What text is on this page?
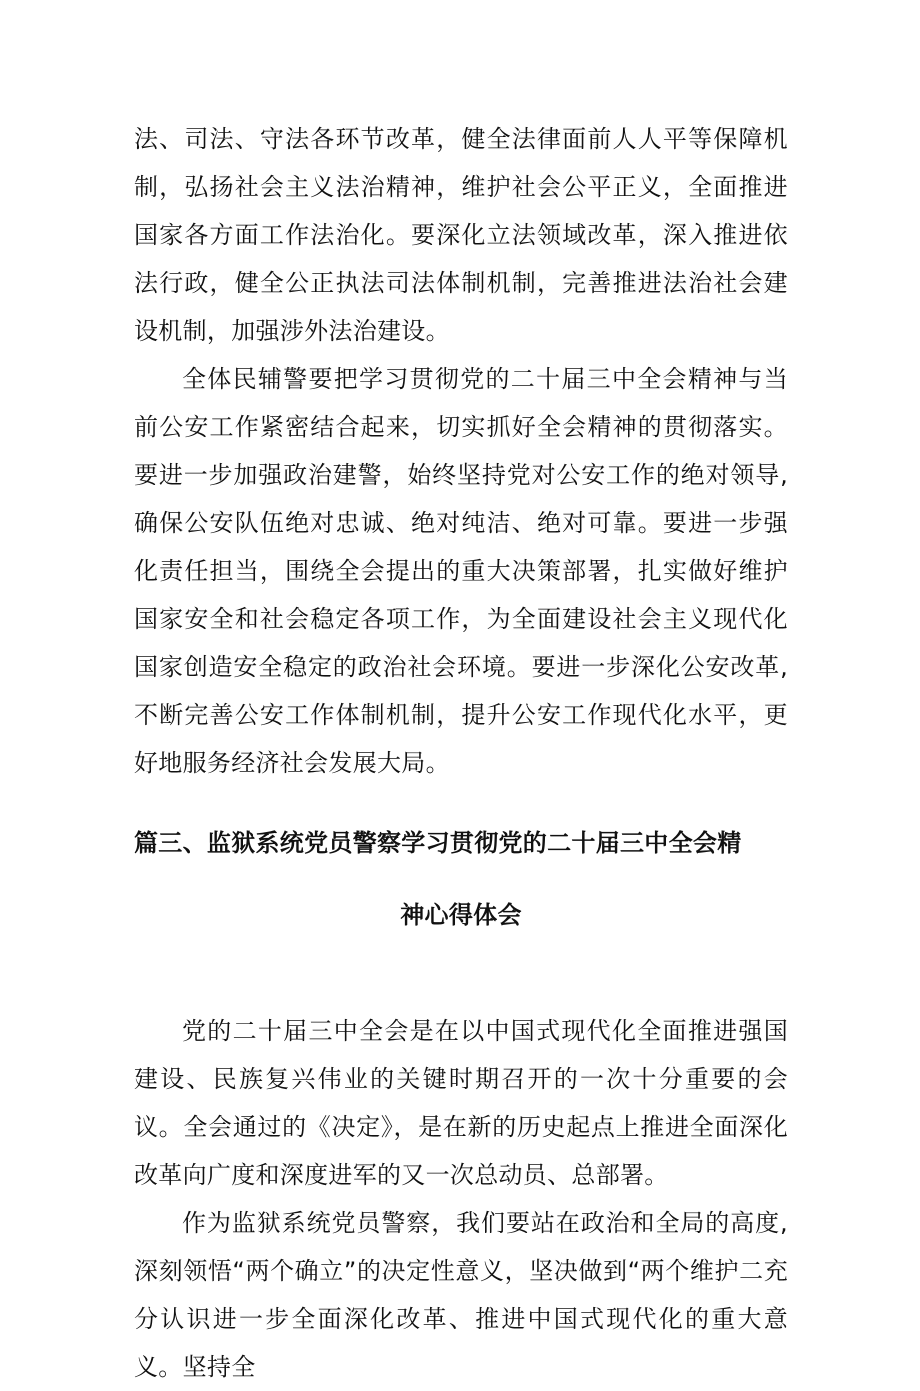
法、司法、守法各环节改革，健全法律面前人人平等保障机制，弘扬社会主义法治精神，维护社会公平正义，全面推进国家各方面工作法治化。要深化立法领域改革，深入推进依法行政，健全公正执法司法体制机制，完善推进法治社会建设机制，加强涉外法治建设。

全体民辅警要把学习贯彻党的二十届三中全会精神与当前公安工作紧密结合起来，切实抓好全会精神的贯彻落实。要进一步加强政治建警，始终坚持党对公安工作的绝对领导,确保公安队伍绝对忠诚、绝对纯洁、绝对可靠。要进一步强化责任担当，围绕全会提出的重大决策部署，扎实做好维护国家安全和社会稳定各项工作，为全面建设社会主义现代化国家创造安全稳定的政治社会环境。要进一步深化公安改革,不断完善公安工作体制机制，提升公安工作现代化水平，更好地服务经济社会发展大局。

篇三、监狱系统党员警察学习贯彻党的二十届三中全会精
神心得体会

党的二十届三中全会是在以中国式现代化全面推进强国建设、民族复兴伟业的关键时期召开的一次十分重要的会议。全会通过的《决定》，是在新的历史起点上推进全面深化改革向广度和深度进军的又一次总动员、总部署。

作为监狱系统党员警察，我们要站在政治和全局的高度,深刻领悟“两个确立”的决定性意义，坚决做到“两个维护二充分认识进一步全面深化改革、推进中国式现代化的重大意义。坚持全
